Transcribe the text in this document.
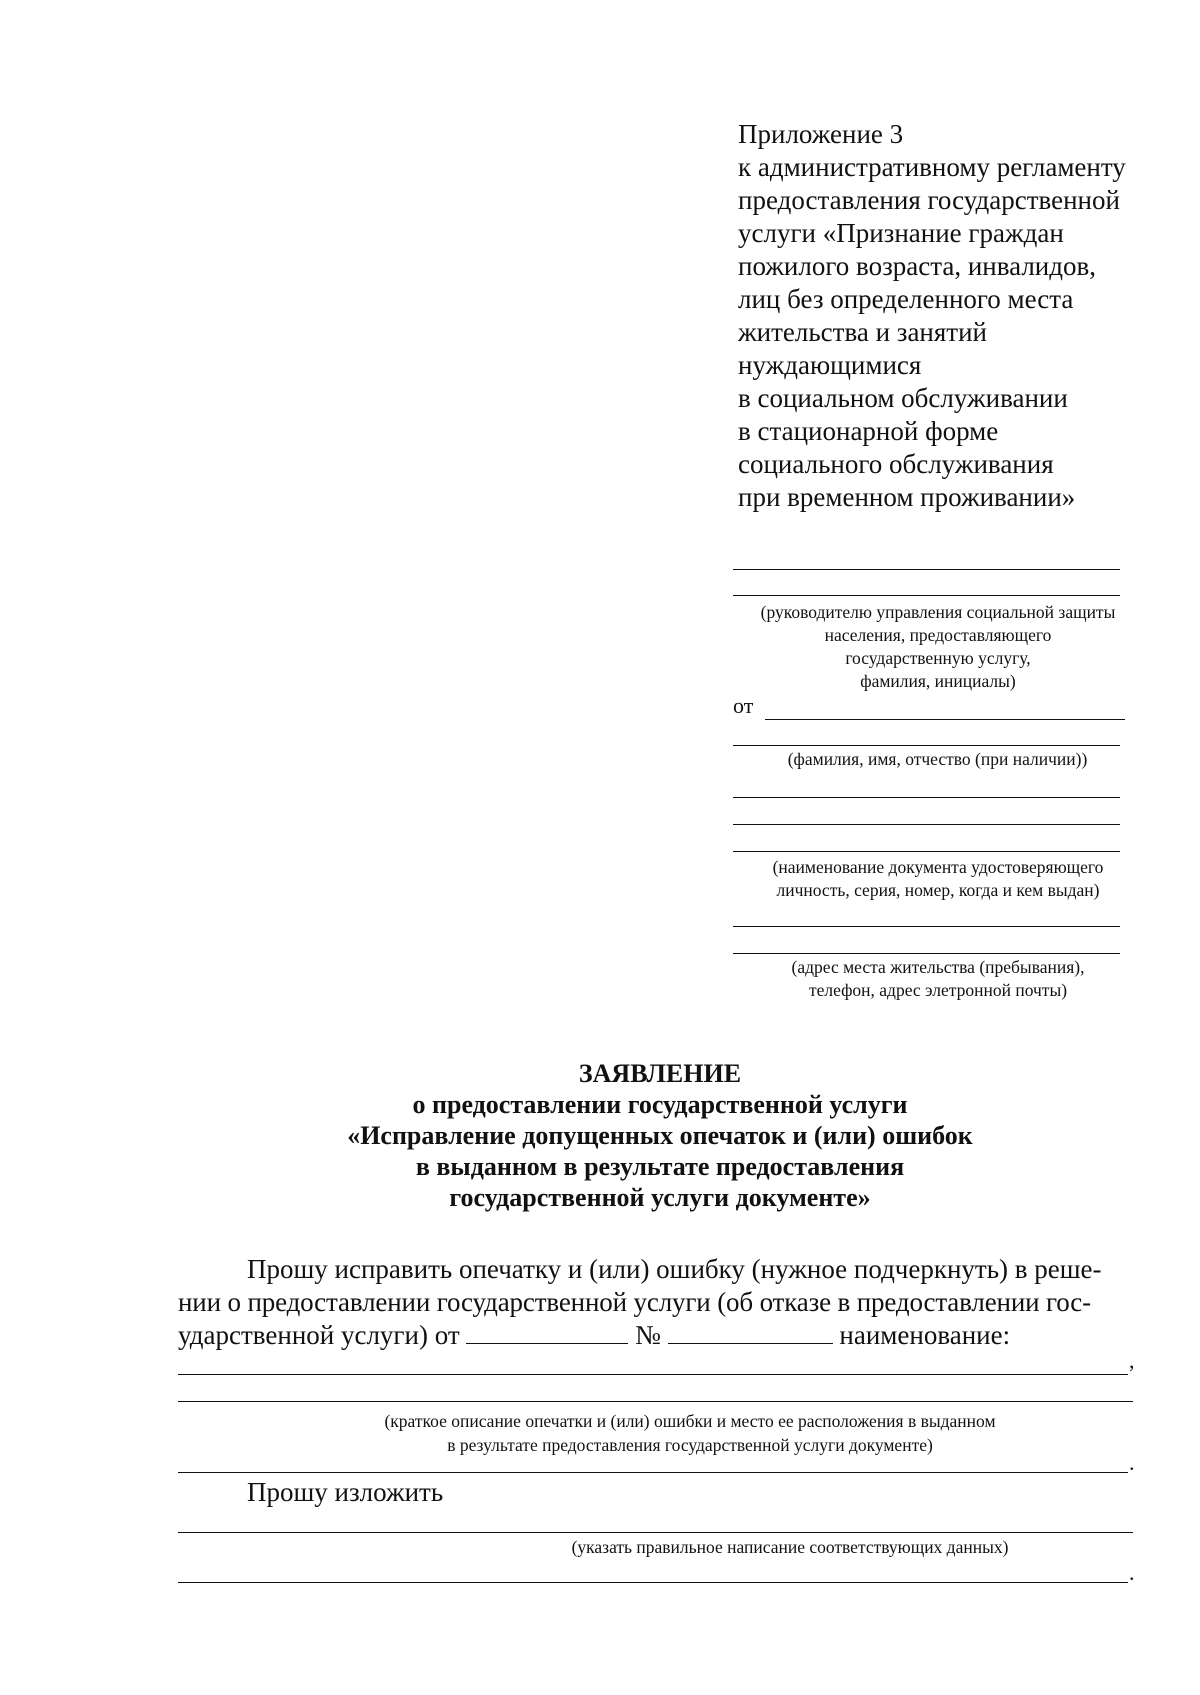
Приложение 3
к административному регламенту
предоставления государственной
услуги «Признание граждан
пожилого возраста, инвалидов,
лиц без определенного места
жительства и занятий
нуждающимися
в социальном обслуживании
в стационарной форме
социального обслуживания
при временном проживании»
(руководителю управления социальной защиты
населения, предоставляющего
государственную услугу,
фамилия, инициалы)
от
(фамилия, имя, отчество (при наличии))
(наименование документа удостоверяющего
личность, серия, номер, когда и кем выдан)
(адрес места жительства (пребывания),
телефон, адрес элетронной почты)
ЗАЯВЛЕНИЕ
о предоставлении государственной услуги
«Исправление допущенных опечаток и (или) ошибок
в выданном в результате предоставления
государственной услуги документе»
Прошу исправить опечатку и (или) ошибку (нужное подчеркнуть) в реше-
нии о предоставлении государственной услуги (об отказе в предоставлении гос-
ударственной услуги) от	№	наименование:
,
(краткое описание опечатки и (или) ошибки и место ее расположения в выданном
в результате предоставления государственной услуги документе)
.
Прошу изложить
(указать правильное написание соответствующих данных)
.
